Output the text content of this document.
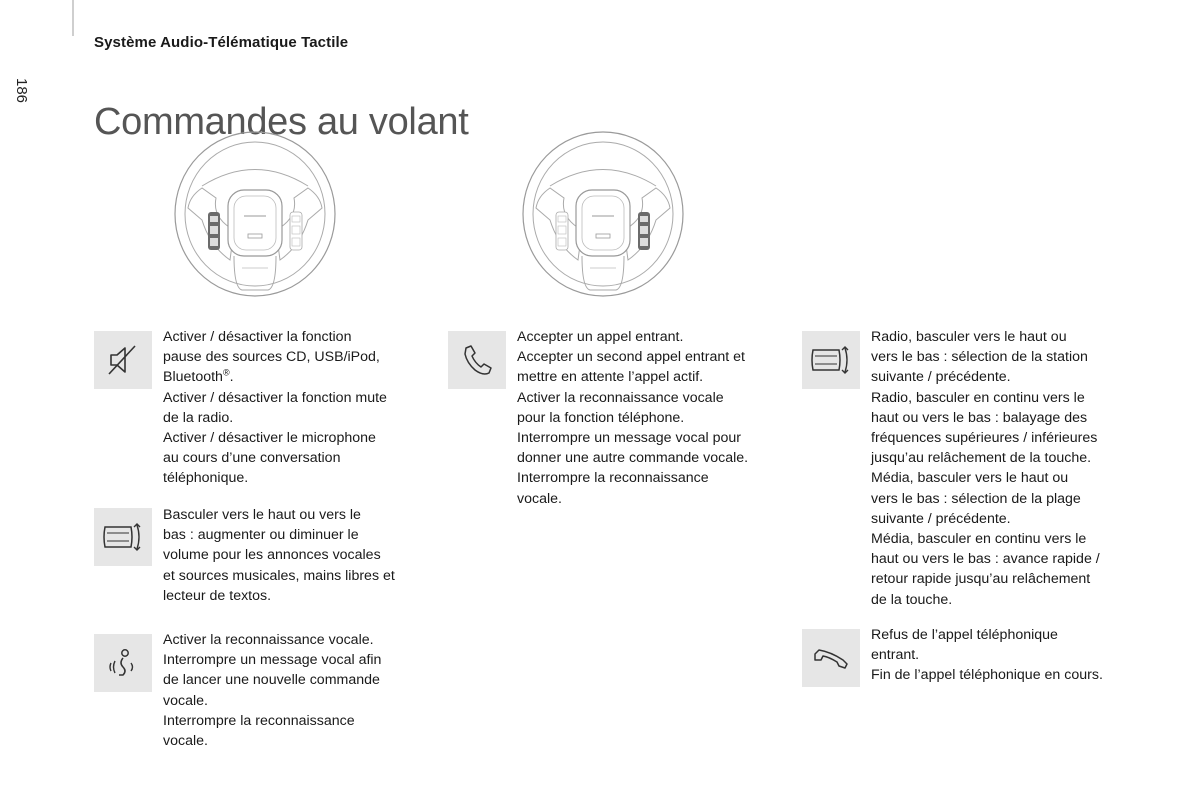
Système Audio-Télématique Tactile
186
Commandes au volant

Activer / désactiver la fonction

pause des sources CD, USB/iPod,

Bluetooth®.

Activer / désactiver la fonction mute

de la radio.

Activer / désactiver le microphone

au cours d’une conversation

téléphonique.

Basculer vers le haut ou vers le

bas : augmenter ou diminuer le

volume pour les annonces vocales

et sources musicales, mains libres et

lecteur de textos.

Activer la reconnaissance vocale.

Interrompre un message vocal afin

de lancer une nouvelle commande

vocale.

Interrompre la reconnaissance

vocale.

Accepter un appel entrant.

Accepter un second appel entrant et

mettre en attente l’appel actif.

Activer la reconnaissance vocale

pour la fonction téléphone.

Interrompre un message vocal pour

donner une autre commande vocale.

Interrompre la reconnaissance

vocale.

Radio, basculer vers le haut ou

vers le bas : sélection de la station

suivante / précédente.

Radio, basculer en continu vers le

haut ou vers le bas : balayage des

fréquences supérieures / inférieures

jusqu’au relâchement de la touche.

Média, basculer vers le haut ou

vers le bas : sélection de la plage

suivante / précédente.

Média, basculer en continu vers le

haut ou vers le bas : avance rapide /

retour rapide jusqu’au relâchement

de la touche.

Refus de l’appel téléphonique

entrant.

Fin de l’appel téléphonique en cours.
